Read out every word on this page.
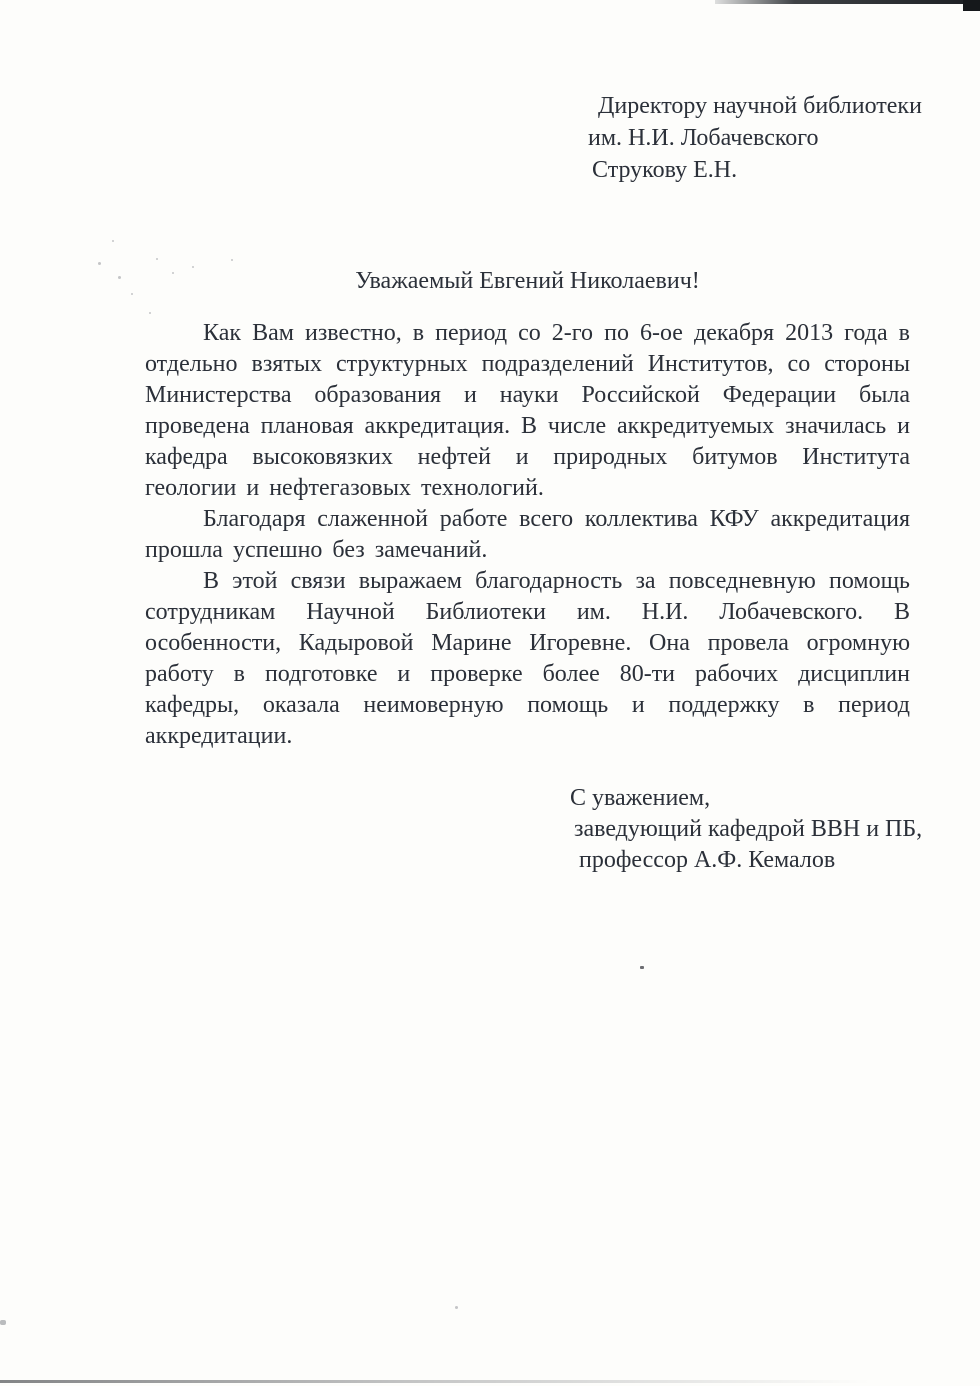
Директору научной библиотеки
им. Н.И. Лобачевского
Струкову Е.Н.
Уважаемый Евгений Николаевич!

Как Вам известно, в период со 2-го по 6-ое декабря 2013 года в отдельно взятых структурных подразделений Институтов, со стороны Министерства образования и науки Российской Федерации была проведена плановая аккредитация. В числе аккредитуемых значилась и кафедра высоковязких нефтей и природных битумов Института геологии и нефтегазовых технологий.

Благодаря слаженной работе всего коллектива КФУ аккредитация прошла успешно без замечаний.

В этой связи выражаем благодарность за повседневную помощь сотрудникам Научной Библиотеки им. Н.И. Лобачевского. В особенности, Кадыровой Марине Игоревне. Она провела огромную работу в подготовке и проверке более 80-ти рабочих дисциплин кафедры, оказала неимоверную помощь и поддержку в период аккредитации.

С уважением,
заведующий кафедрой ВВН и ПБ,
профессор А.Ф. Кемалов
